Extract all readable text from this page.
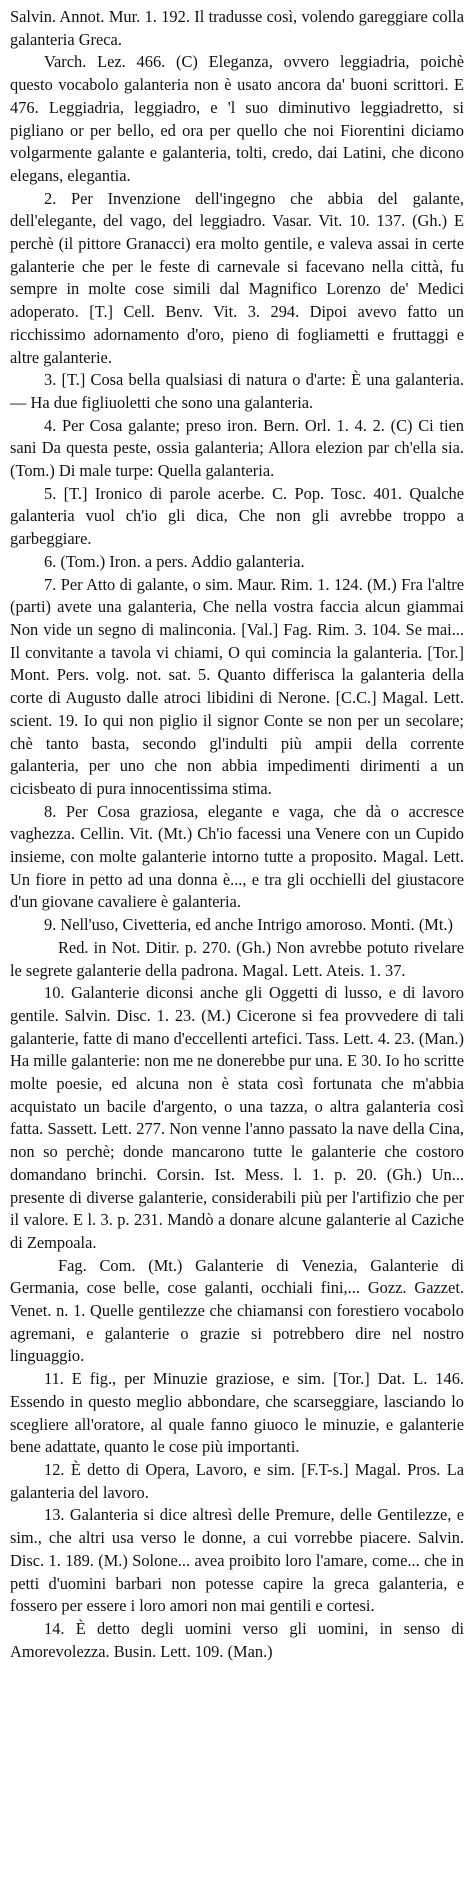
Salvin. Annot. Mur. 1. 192. Il tradusse così, volendo gareggiare colla galanteria Greca.

Varch. Lez. 466. (C) Eleganza, ovvero leggiadria, poichè questo vocabolo galanteria non è usato ancora da' buoni scrittori. E 476. Leggiadria, leggiadro, e 'l suo diminutivo leggiadretto, si pigliano or per bello, ed ora per quello che noi Fiorentini diciamo volgarmente galante e galanteria, tolti, credo, dai Latini, che dicono elegans, elegantia.

2. Per Invenzione dell'ingegno che abbia del galante, dell'elegante, del vago, del leggiadro. Vasar. Vit. 10. 137. (Gh.) E perchè (il pittore Granacci) era molto gentile, e valeva assai in certe galanterie che per le feste di carnevale si facevano nella città, fu sempre in molte cose simili dal Magnifico Lorenzo de' Medici adoperato. [T.] Cell. Benv. Vit. 3. 294. Dipoi avevo fatto un ricchissimo adornamento d'oro, pieno di fogliametti e fruttaggi e altre galanterie.

3. [T.] Cosa bella qualsiasi di natura o d'arte: È una galanteria. — Ha due figliuoletti che sono una galanteria.

4. Per Cosa galante; preso iron. Bern. Orl. 1. 4. 2. (C) Ci tien sani Da questa peste, ossia galanteria; Allora elezion par ch'ella sia. (Tom.) Di male turpe: Quella galanteria.

5. [T.] Ironico di parole acerbe. C. Pop. Tosc. 401. Qualche galanteria vuol ch'io gli dica, Che non gli avrebbe troppo a garbeggiare.

6. (Tom.) Iron. a pers. Addio galanteria.

7. Per Atto di galante, o sim. Maur. Rim. 1. 124. (M.) Fra l'altre (parti) avete una galanteria, Che nella vostra faccia alcun giammai Non vide un segno di malinconia. [Val.] Fag. Rim. 3. 104. Se mai... Il convitante a tavola vi chiami, O qui comincia la galanteria. [Tor.] Mont. Pers. volg. not. sat. 5. Quanto differisca la galanteria della corte di Augusto dalle atroci libidini di Nerone. [C.C.] Magal. Lett. scient. 19. Io qui non piglio il signor Conte se non per un secolare; chè tanto basta, secondo gl'indulti più ampii della corrente galanteria, per uno che non abbia impedimenti dirimenti a un cicisbeato di pura innocentissima stima.

8. Per Cosa graziosa, elegante e vaga, che dà o accresce vaghezza. Cellin. Vit. (Mt.) Ch'io facessi una Venere con un Cupido insieme, con molte galanterie intorno tutte a proposito. Magal. Lett. Un fiore in petto ad una donna è..., e tra gli occhielli del giustacore d'un giovane cavaliere è galanteria.

9. Nell'uso, Civetteria, ed anche Intrigo amoroso. Monti. (Mt.)

Red. in Not. Ditir. p. 270. (Gh.) Non avrebbe potuto rivelare le segrete galanterie della padrona. Magal. Lett. Ateis. 1. 37.

10. Galanterie diconsi anche gli Oggetti di lusso, e di lavoro gentile. Salvin. Disc. 1. 23. (M.) Cicerone si fea provvedere di tali galanterie, fatte di mano d'eccellenti artefici. Tass. Lett. 4. 23. (Man.) Ha mille galanterie: non me ne donerebbe pur una. E 30. Io ho scritte molte poesie, ed alcuna non è stata così fortunata che m'abbia acquistato un bacile d'argento, o una tazza, o altra galanteria così fatta. Sassett. Lett. 277. Non venne l'anno passato la nave della Cina, non so perchè; donde mancarono tutte le galanterie che costoro domandano brinchi. Corsin. Ist. Mess. l. 1. p. 20. (Gh.) Un... presente di diverse galanterie, considerabili più per l'artifizio che per il valore. E l. 3. p. 231. Mandò a donare alcune galanterie al Caziche di Zempoala.

Fag. Com. (Mt.) Galanterie di Venezia, Galanterie di Germania, cose belle, cose galanti, occhiali fini,... Gozz. Gazzet. Venet. n. 1. Quelle gentilezze che chiamansi con forestiero vocabolo agremani, e galanterie o grazie si potrebbero dire nel nostro linguaggio.

11. E fig., per Minuzie graziose, e sim. [Tor.] Dat. L. 146. Essendo in questo meglio abbondare, che scarseggiare, lasciando lo scegliere all'oratore, al quale fanno giuoco le minuzie, e galanterie bene adattate, quanto le cose più importanti.

12. È detto di Opera, Lavoro, e sim. [F.T-s.] Magal. Pros. La galanteria del lavoro.

13. Galanteria si dice altresì delle Premure, delle Gentilezze, e sim., che altri usa verso le donne, a cui vorrebbe piacere. Salvin. Disc. 1. 189. (M.) Solone... avea proibito loro l'amare, come... che in petti d'uomini barbari non potesse capire la greca galanteria, e fossero per essere i loro amori non mai gentili e cortesi.

14. È detto degli uomini verso gli uomini, in senso di Amorevolezza. Busin. Lett. 109. (Man.)
